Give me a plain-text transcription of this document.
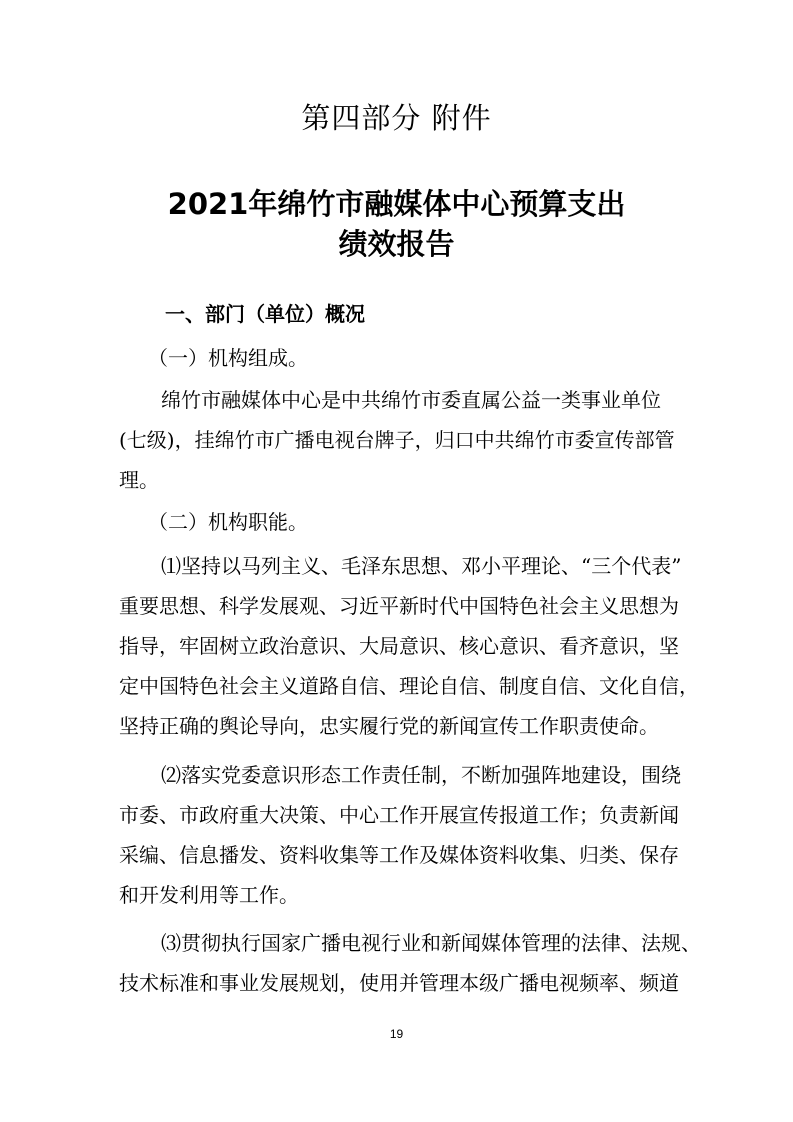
第四部分 附件
2021年绵竹市融媒体中心预算支出
绩效报告
一、部门（单位）概况

（一）机构组成。

绵竹市融媒体中心是中共绵竹市委直属公益一类事业单位
(七级)，挂绵竹市广播电视台牌子，归口中共绵竹市委宣传部管
理。

（二）机构职能。

⑴坚持以马列主义、毛泽东思想、邓小平理论、“三个代表”
重要思想、科学发展观、习近平新时代中国特色社会主义思想为
指导，牢固树立政治意识、大局意识、核心意识、看齐意识，坚
定中国特色社会主义道路自信、理论自信、制度自信、文化自信，
坚持正确的舆论导向，忠实履行党的新闻宣传工作职责使命。
⑵落实党委意识形态工作责任制，不断加强阵地建设，围绕
市委、市政府重大决策、中心工作开展宣传报道工作；负责新闻
采编、信息播发、资料收集等工作及媒体资料收集、归类、保存
和开发利用等工作。
⑶贯彻执行国家广播电视行业和新闻媒体管理的法律、法规、
技术标准和事业发展规划，使用并管理本级广播电视频率、频道

19
